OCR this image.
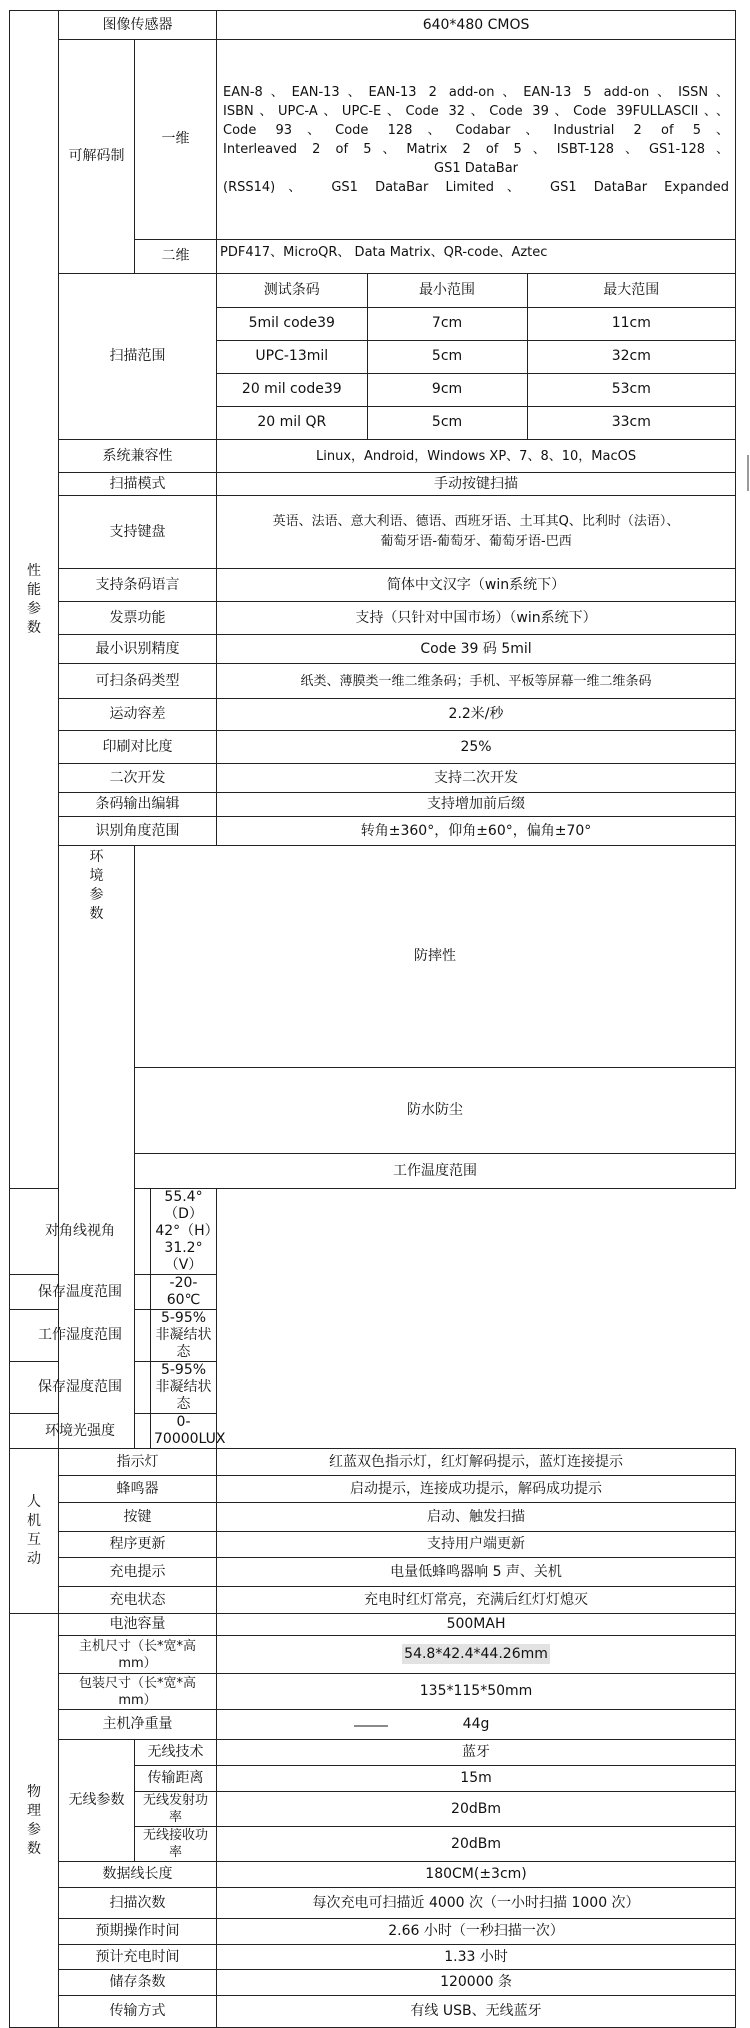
性能参数
	图像传感器	640*480 CMOS
可解码制	一维	
EAN-8、EAN-13、EAN-13 2 add-on、EAN-13 5 add-on、ISSN、
ISBN、UPC-A、UPC-E、Code 32、Code 39、Code 39FULLASCII、、
Code 93、Code 128、Codabar、Industrial 2 of 5、
Interleaved 2 of 5、Matrix 2 of 5、ISBT-128、GS1-128、
GS1 DataBar
(RSS14)、 GS1 DataBar Limited、 GS1 DataBar Expanded

二维	PDF417、MicroQR、 Data Matrix、QR-code、Aztec
扫描范围	
测试条码	最小范围	最大范围
5mil code39	7cm	11cm
UPC-13mil	5cm	32cm
20 mil code39	9cm	53cm
20 mil QR	5cm	33cm

系统兼容性	Linux，Android，Windows XP、7、8、10，MacOS
扫描模式	手动按键扫描
支持键盘	
英语、法语、意大利语、德语、西班牙语、土耳其Q、比利时（法语）、
葡萄牙语-葡萄牙、葡萄牙语-巴西

支持条码语言	简体中文汉字（win系统下）
发票功能	支持（只针对中国市场）（win系统下）
最小识别精度	Code 39 码 5mil
可扫条码类型	纸类、薄膜类一维二维条码；手机、平板等屏幕一维二维条码
运动容差	2.2米/秒
印刷对比度	25%
二次开发	支持二次开发
条码输出编辑	支持增加前后缀
识别角度范围	转角±360°，仰角±60°，偏角±70°

环境参数
	防摔性	
防水防尘	
工作温度范围	
对角线视角	55.4°（D）42°（H）31.2°（V）
保存温度范围	-20-60℃
工作湿度范围	5-95%非凝结状态
保存湿度范围	5-95%非凝结状态
环境光强度	0-70000LUX

人机互动
	指示灯	红蓝双色指示灯，红灯解码提示，蓝灯连接提示
蜂鸣器	启动提示，连接成功提示，解码成功提示
按键	启动、触发扫描
程序更新	支持用户端更新
充电提示	电量低蜂鸣器响 5 声、关机
充电状态	充电时红灯常亮，充满后红灯灯熄灭

物理参数
	电池容量	500MAH
主机尺寸（长*宽*高 mm）	54.8*42.4*44.26mm
包装尺寸（长*宽*高 mm）	135*115*50mm
主机净重量	44g
无线参数	无线技术	蓝牙
传输距离	15m
无线发射功率	20dBm
无线接收功率	20dBm
数据线长度	180CM(±3cm)
扫描次数	每次充电可扫描近 4000 次（一小时扫描 1000 次）
预期操作时间	2.66 小时（一秒扫描一次）
预计充电时间	1.33 小时
储存条数	120000 条
传输方式	有线 USB、无线蓝牙
